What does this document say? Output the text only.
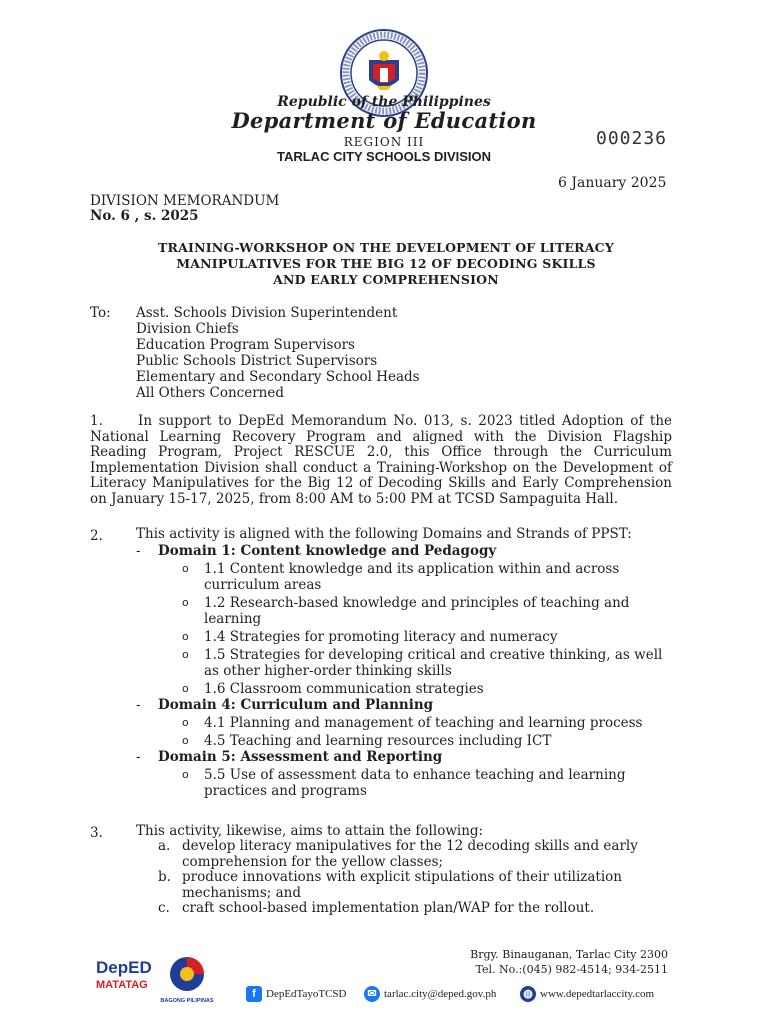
Republic of the Philippines
Department of Education
REGION III
TARLAC CITY SCHOOLS DIVISION
000236
6 January 2025
DIVISION MEMORANDUM
No. 6 , s. 2025
TRAINING-WORKSHOP ON THE DEVELOPMENT OF LITERACY
MANIPULATIVES FOR THE BIG 12 OF DECODING SKILLS
AND EARLY COMPREHENSION
To: Asst. Schools Division Superintendent
Division Chiefs
Education Program Supervisors
Public Schools District Supervisors
Elementary and Secondary School Heads
All Others Concerned
1.	In support to DepEd Memorandum No. 013, s. 2023 titled Adoption of the National Learning Recovery Program and aligned with the Division Flagship Reading Program, Project RESCUE 2.0, this Office through the Curriculum Implementation Division shall conduct a Training-Workshop on the Development of Literacy Manipulatives for the Big 12 of Decoding Skills and Early Comprehension on January 15-17, 2025, from 8:00 AM to 5:00 PM at TCSD Sampaguita Hall.
2. This activity is aligned with the following Domains and Strands of PPST:
- Domain 1: Content knowledge and Pedagogy
o 1.1 Content knowledge and its application within and across curriculum areas
o 1.2 Research-based knowledge and principles of teaching and learning
o 1.4 Strategies for promoting literacy and numeracy
o 1.5 Strategies for developing critical and creative thinking, as well as other higher-order thinking skills
o 1.6 Classroom communication strategies
- Domain 4: Curriculum and Planning
o 4.1 Planning and management of teaching and learning process
o 4.5 Teaching and learning resources including ICT
- Domain 5: Assessment and Reporting
o 5.5 Use of assessment data to enhance teaching and learning practices and programs
3. This activity, likewise, aims to attain the following:
a. develop literacy manipulatives for the 12 decoding skills and early comprehension for the yellow classes;
b. produce innovations with explicit stipulations of their utilization mechanisms; and
c. craft school-based implementation plan/WAP for the rollout.
Brgy. Binauganan, Tarlac City 2300
Tel. No.:(045) 982-4514; 934-2511
DepED
MATATAG
BAGONG PILIPINAS
f DepEdTayoTCSD	✉ tarlac.city@deped.gov.ph ◍ www.depedtarlaccity.com
